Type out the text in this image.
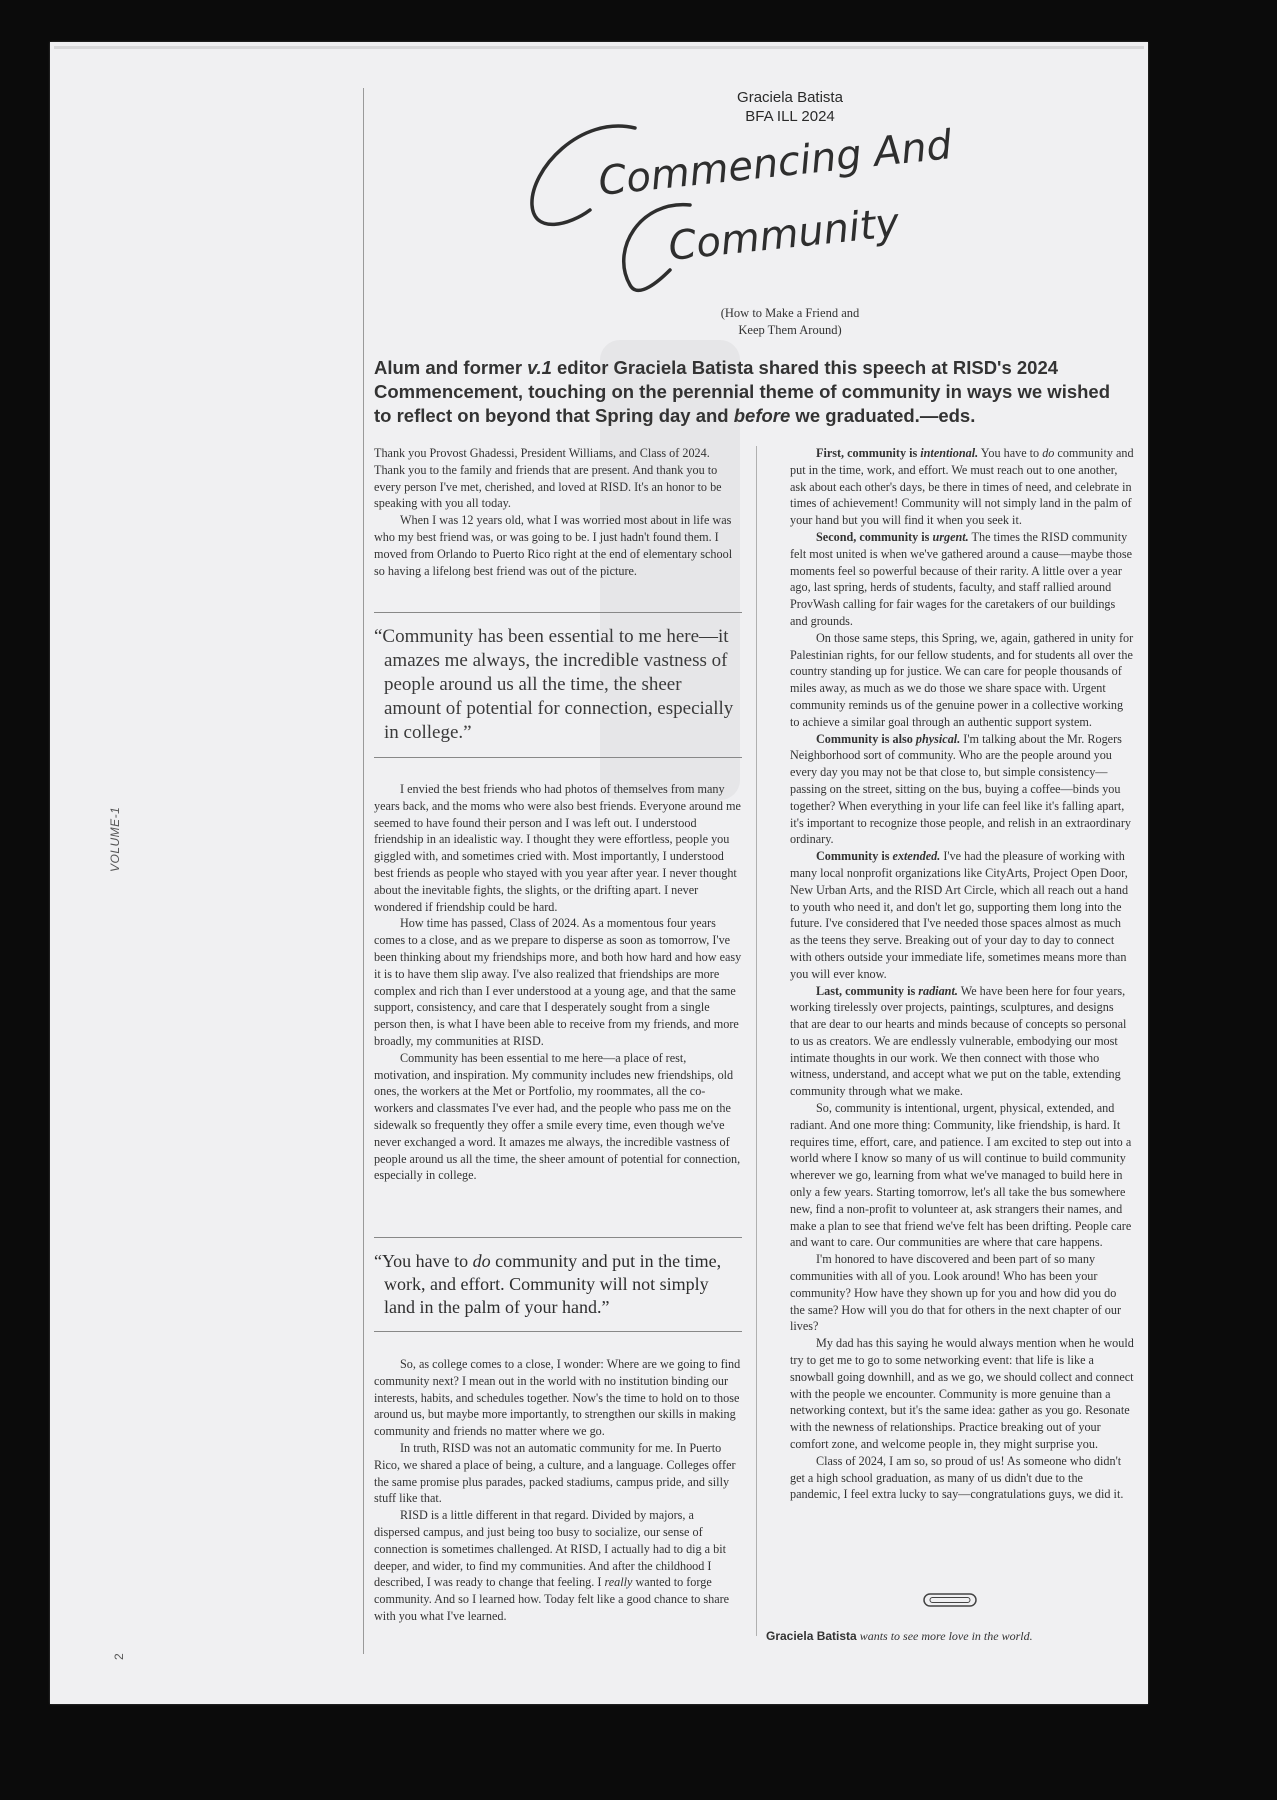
VOLUME-1
2
Graciela Batista
BFA ILL 2024
Commencing And
Community
(How to Make a Friend and
Keep Them Around)
Alum and former v.1 editor Graciela Batista shared this speech at RISD's 2024 Commencement, touching on the perennial theme of community in ways we wished to reflect on beyond that Spring day and before we graduated.—eds.

Thank you Provost Ghadessi, President Williams, and Class of 2024. Thank you to the family and friends that are present. And thank you to every person I've met, cherished, and loved at RISD. It's an honor to be speaking with you all today.

When I was 12 years old, what I was worried most about in life was who my best friend was, or was going to be. I just hadn't found them. I moved from Orlando to Puerto Rico right at the end of elementary school so having a lifelong best friend was out of the picture.

“Community has been essential to me here—it amazes me always, the incredible vastness of people around us all the time, the sheer amount of potential for connection, especially in college.”

I envied the best friends who had photos of themselves from many years back, and the moms who were also best friends. Everyone around me seemed to have found their person and I was left out. I understood friendship in an idealistic way. I thought they were effortless, people you giggled with, and sometimes cried with. Most importantly, I understood best friends as people who stayed with you year after year. I never thought about the inevitable fights, the slights, or the drifting apart. I never wondered if friendship could be hard.

How time has passed, Class of 2024. As a momentous four years comes to a close, and as we prepare to disperse as soon as tomorrow, I've been thinking about my friendships more, and both how hard and how easy it is to have them slip away. I've also realized that friendships are more complex and rich than I ever understood at a young age, and that the same support, consistency, and care that I desperately sought from a single person then, is what I have been able to receive from my friends, and more broadly, my communities at RISD.

Community has been essential to me here—a place of rest, motivation, and inspiration. My community includes new friendships, old ones, the workers at the Met or Portfolio, my roommates, all the co-workers and classmates I've ever had, and the people who pass me on the sidewalk so frequently they offer a smile every time, even though we've never exchanged a word. It amazes me always, the incredible vastness of people around us all the time, the sheer amount of potential for connection, especially in college.

“You have to do community and put in the time, work, and effort. Community will not simply land in the palm of your hand.”

So, as college comes to a close, I wonder: Where are we going to find community next? I mean out in the world with no institution binding our interests, habits, and schedules together. Now's the time to hold on to those around us, but maybe more importantly, to strengthen our skills in making community and friends no matter where we go.

In truth, RISD was not an automatic community for me. In Puerto Rico, we shared a place of being, a culture, and a language. Colleges offer the same promise plus parades, packed stadiums, campus pride, and silly stuff like that.

RISD is a little different in that regard. Divided by majors, a dispersed campus, and just being too busy to socialize, our sense of connection is sometimes challenged. At RISD, I actually had to dig a bit deeper, and wider, to find my communities. And after the childhood I described, I was ready to change that feeling. I really wanted to forge community. And so I learned how. Today felt like a good chance to share with you what I've learned.

First, community is intentional. You have to do community and put in the time, work, and effort. We must reach out to one another, ask about each other's days, be there in times of need, and celebrate in times of achievement! Community will not simply land in the palm of your hand but you will find it when you seek it.

Second, community is urgent. The times the RISD community felt most united is when we've gathered around a cause—maybe those moments feel so powerful because of their rarity. A little over a year ago, last spring, herds of students, faculty, and staff rallied around ProvWash calling for fair wages for the caretakers of our buildings and grounds.

On those same steps, this Spring, we, again, gathered in unity for Palestinian rights, for our fellow students, and for students all over the country standing up for justice. We can care for people thousands of miles away, as much as we do those we share space with. Urgent community reminds us of the genuine power in a collective working to achieve a similar goal through an authentic support system.

Community is also physical. I'm talking about the Mr. Rogers Neighborhood sort of community. Who are the people around you every day you may not be that close to, but simple consistency—passing on the street, sitting on the bus, buying a coffee—binds you together? When everything in your life can feel like it's falling apart, it's important to recognize those people, and relish in an extraordinary ordinary.

Community is extended. I've had the pleasure of working with many local nonprofit organizations like CityArts, Project Open Door, New Urban Arts, and the RISD Art Circle, which all reach out a hand to youth who need it, and don't let go, supporting them long into the future. I've considered that I've needed those spaces almost as much as the teens they serve. Breaking out of your day to day to connect with others outside your immediate life, sometimes means more than you will ever know.

Last, community is radiant. We have been here for four years, working tirelessly over projects, paintings, sculptures, and designs that are dear to our hearts and minds because of concepts so personal to us as creators. We are endlessly vulnerable, embodying our most intimate thoughts in our work. We then connect with those who witness, understand, and accept what we put on the table, extending community through what we make.

So, community is intentional, urgent, physical, extended, and radiant. And one more thing: Community, like friendship, is hard. It requires time, effort, care, and patience. I am excited to step out into a world where I know so many of us will continue to build community wherever we go, learning from what we've managed to build here in only a few years. Starting tomorrow, let's all take the bus somewhere new, find a non-profit to volunteer at, ask strangers their names, and make a plan to see that friend we've felt has been drifting. People care and want to care. Our communities are where that care happens.

I'm honored to have discovered and been part of so many communities with all of you. Look around! Who has been your community? How have they shown up for you and how did you do the same? How will you do that for others in the next chapter of our lives?

My dad has this saying he would always mention when he would try to get me to go to some networking event: that life is like a snowball going downhill, and as we go, we should collect and connect with the people we encounter. Community is more genuine than a networking context, but it's the same idea: gather as you go. Resonate with the newness of relationships. Practice breaking out of your comfort zone, and welcome people in, they might surprise you.

Class of 2024, I am so, so proud of us! As someone who didn't get a high school graduation, as many of us didn't due to the pandemic, I feel extra lucky to say—congratulations guys, we did it.

Graciela Batista wants to see more love in the world.
